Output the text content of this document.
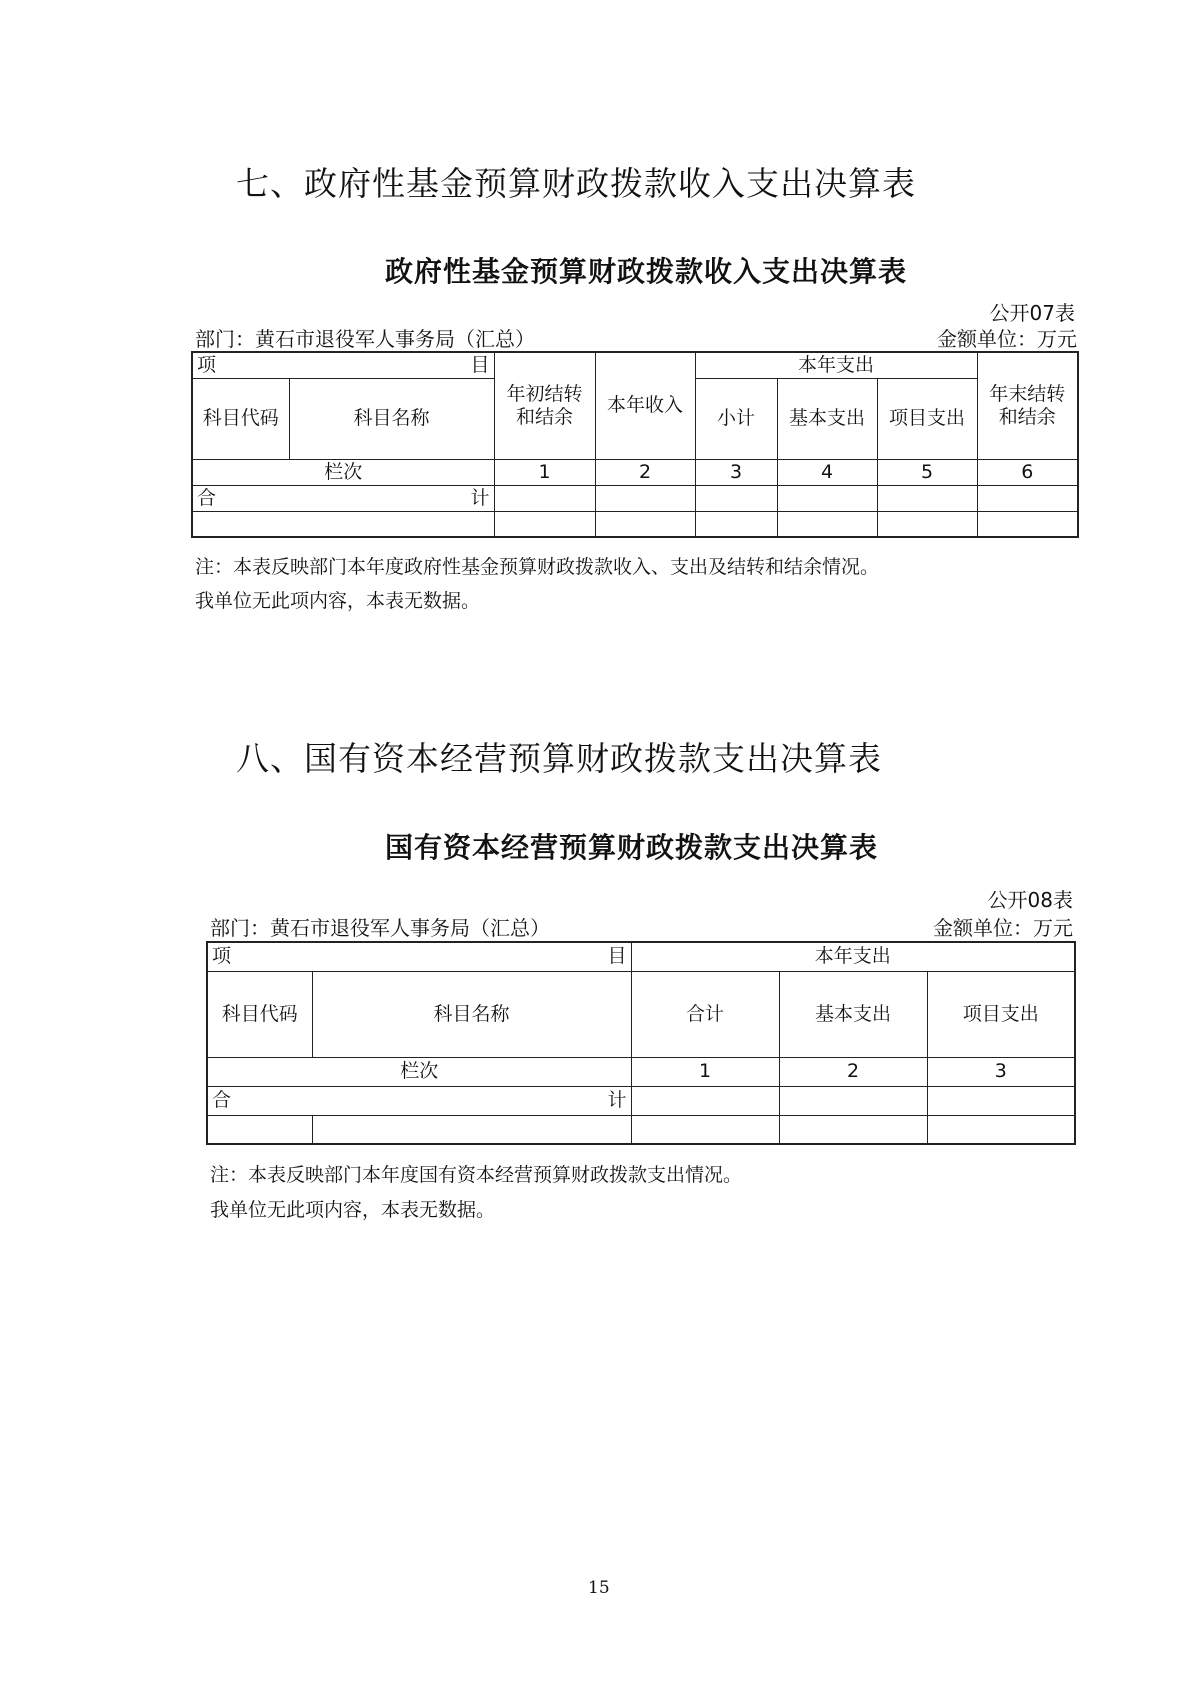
七、政府性基金预算财政拨款收入支出决算表
政府性基金预算财政拨款收入支出决算表
公开07表
部门：黄石市退役军人事务局（汇总）	金额单位：万元
项 目		年初结转和结余	本年收入	本年支出			年末结转和结余
科目代码	科目名称			小计	基本支出	项目支出	
栏次		1	2	3	4	5	6
合 计							

注：本表反映部门本年度政府性基金预算财政拨款收入、支出及结转和结余情况。
我单位无此项内容，本表无数据。
八、国有资本经营预算财政拨款支出决算表
国有资本经营预算财政拨款支出决算表
公开08表
部门：黄石市退役军人事务局（汇总）	金额单位：万元
项 目		本年支出		
科目代码	科目名称	合计	基本支出	项目支出
栏次		1	2	3
合 计				

注：本表反映部门本年度国有资本经营预算财政拨款支出情况。
我单位无此项内容，本表无数据。
15
